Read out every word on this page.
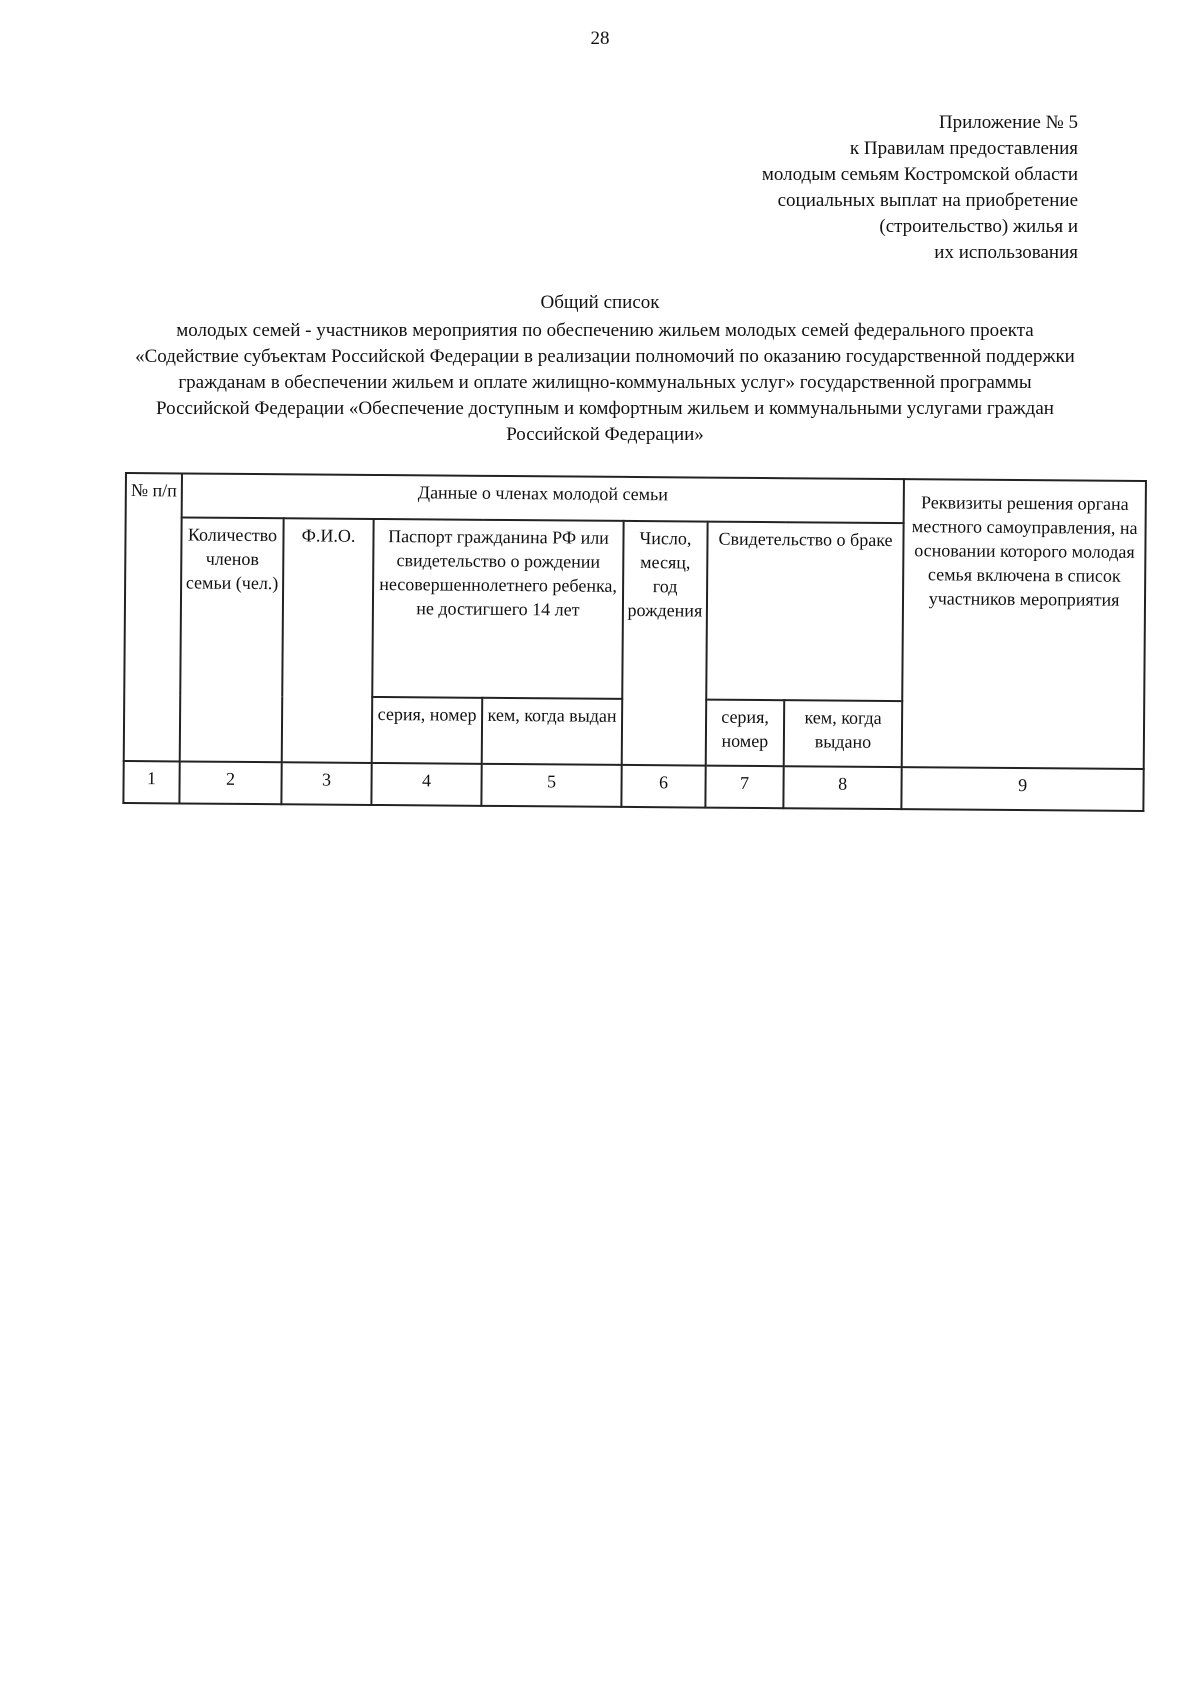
28
Приложение № 5
к Правилам предоставления
молодым семьям Костромской области
социальных выплат на приобретение
(строительство) жилья и
их использования
Общий список
молодых семей - участников мероприятия по обеспечению жильем молодых семей федерального проекта «Содействие субъектам Российской Федерации в реализации полномочий по оказанию государственной поддержки гражданам в обеспечении жильем и оплате жилищно-коммунальных услуг» государственной программы Российской Федерации «Обеспечение доступным и комфортным жильем и коммунальными услугами граждан Российской Федерации»
№ п/п	Данные о членах молодой семьи							Реквизиты решения органа местного самоуправления, на основании которого молодая семья включена в список участников мероприятия
	Количество членов семьи (чел.)	Ф.И.О.	Паспорт гражданина РФ или свидетельство о рождении несовершеннолетнего ребенка, не достигшего 14 лет		Число, месяц, год рождения	Свидетельство о браке		
			серия, номер	кем, когда выдан		серия, номер	кем, когда выдано	
1	2	3	4	5	6	7	8	9
